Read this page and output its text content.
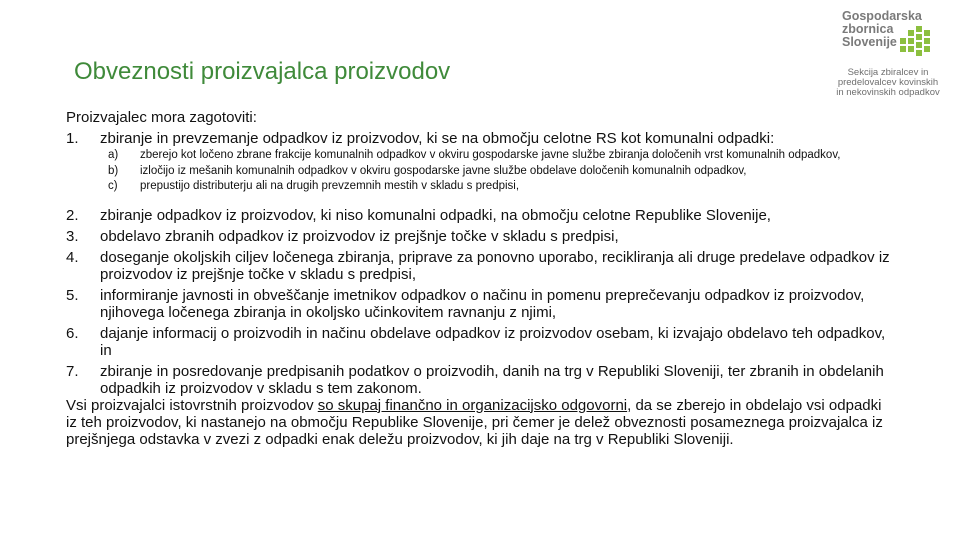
Obveznosti proizvajalca proizvodov
Gospodarska
zbornica
Slovenije
Sekcija zbiralcev in
predelovalcev kovinskih
in nekovinskih odpadkov

Proizvajalec mora zagotoviti:

1. zbiranje in prevzemanje odpadkov iz proizvodov, ki se na območju celotne RS kot komunalni odpadki:
a) zberejo kot ločeno zbrane frakcije komunalnih odpadkov v okviru gospodarske javne službe zbiranja določenih vrst komunalnih odpadkov,
b) izločijo iz mešanih komunalnih odpadkov v okviru gospodarske javne službe obdelave določenih komunalnih odpadkov,
c) prepustijo distributerju ali na drugih prevzemnih mestih v skladu s predpisi,
2. zbiranje odpadkov iz proizvodov, ki niso komunalni odpadki, na območju celotne Republike Slovenije,
3. obdelavo zbranih odpadkov iz proizvodov iz prejšnje točke v skladu s predpisi,
4. doseganje okoljskih ciljev ločenega zbiranja, priprave za ponovno uporabo, recikliranja ali druge predelave odpadkov iz proizvodov iz prejšnje točke v skladu s predpisi,
5. informiranje javnosti in obveščanje imetnikov odpadkov o načinu in pomenu preprečevanju odpadkov iz proizvodov, njihovega ločenega zbiranja in okoljsko učinkovitem ravnanju z njimi,
6. dajanje informacij o proizvodih in načinu obdelave odpadkov iz proizvodov osebam, ki izvajajo obdelavo teh odpadkov, in
7. zbiranje in posredovanje predpisanih podatkov o proizvodih, danih na trg v Republiki Sloveniji, ter zbranih in obdelanih odpadkih iz proizvodov v skladu s tem zakonom.

Vsi proizvajalci istovrstnih proizvodov so skupaj finančno in organizacijsko odgovorni, da se zberejo in obdelajo vsi odpadki iz teh proizvodov, ki nastanejo na območju Republike Slovenije, pri čemer je delež obveznosti posameznega proizvajalca iz prejšnjega odstavka v zvezi z odpadki enak deležu proizvodov, ki jih daje na trg v Republiki Sloveniji.
